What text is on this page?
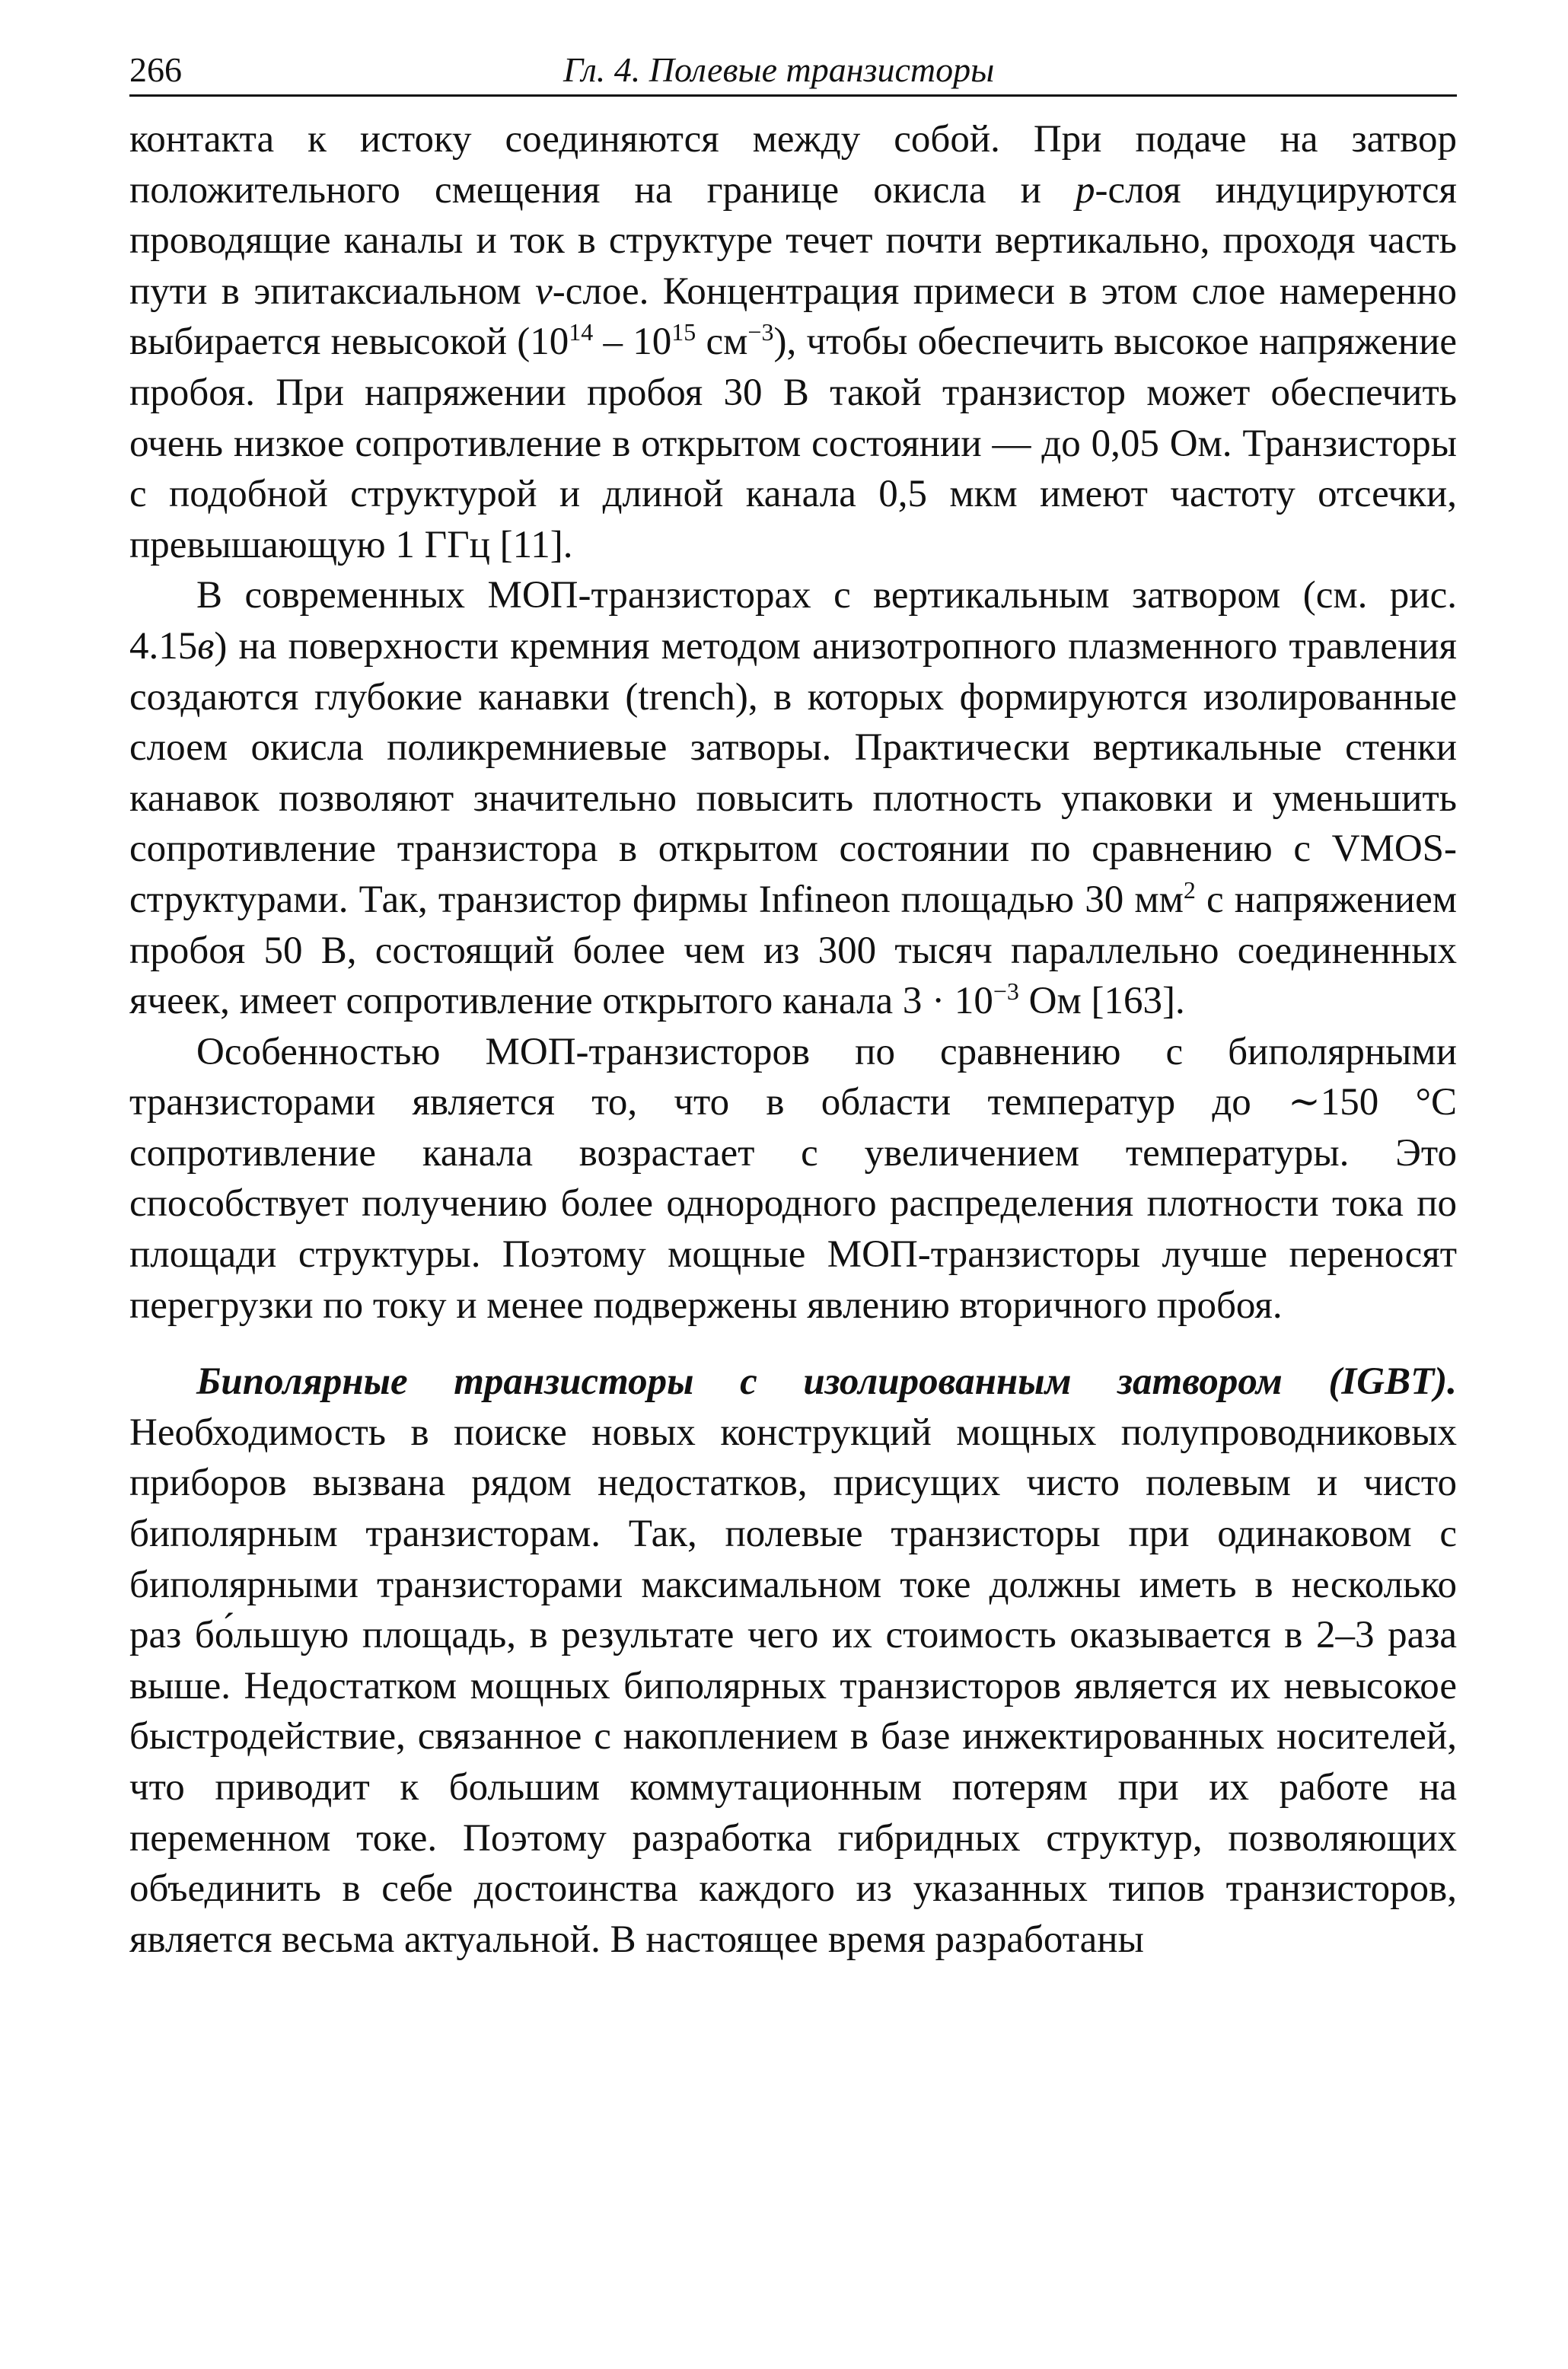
266	Гл. 4. Полевые транзисторы

контакта к истоку соединяются между собой. При подаче на затвор положительного смещения на границе окисла и p-слоя индуцируются проводящие каналы и ток в структуре течет почти вертикально, проходя часть пути в эпитаксиальном ν-слое. Концентрация примеси в этом слое намеренно выбирается невысокой ($10^{14} - 10^{15}$ $см^{-3}$), чтобы обеспечить высокое напряжение пробоя. При напряжении пробоя 30 В такой транзистор может обеспечить очень низкое сопротивление в открытом состоянии — до 0,05 Ом. Транзисторы с подобной структурой и длиной канала 0,5 мкм имеют частоту отсечки, превышающую 1 ГГц [11].

В современных МОП-транзисторах с вертикальным затвором (см. рис. 4.15в) на поверхности кремния методом анизотропного плазменного травления создаются глубокие канавки (trench), в которых формируются изолированные слоем окисла поликремниевые затворы. Практически вертикальные стенки канавок позволяют значительно повысить плотность упаковки и уменьшить сопротивление транзистора в открытом состоянии по сравнению с VMOS-структурами. Так, транзистор фирмы Infineon площадью 30 $мм^2$ с напряжением пробоя 50 В, состоящий более чем из 300 тысяч параллельно соединенных ячеек, имеет сопротивление открытого канала $3 \cdot 10^{-3}$ Ом [163].

Особенностью МОП-транзисторов по сравнению с биполярными транзисторами является то, что в области температур до ∼150 °С сопротивление канала возрастает с увеличением температуры. Это способствует получению более однородного распределения плотности тока по площади структуры. Поэтому мощные МОП-транзисторы лучше переносят перегрузки по току и менее подвержены явлению вторичного пробоя.

Биполярные транзисторы с изолированным затвором (IGBT). Необходимость в поиске новых конструкций мощных полупроводниковых приборов вызвана рядом недостатков, присущих чисто полевым и чисто биполярным транзисторам. Так, полевые транзисторы при одинаковом с биполярными транзисторами максимальном токе должны иметь в несколько раз бо́льшую площадь, в результате чего их стоимость оказывается в 2–3 раза выше. Недостатком мощных биполярных транзисторов является их невысокое быстродействие, связанное с накоплением в базе инжектированных носителей, что приводит к большим коммутационным потерям при их работе на переменном токе. Поэтому разработка гибридных структур, позволяющих объединить в себе достоинства каждого из указанных типов транзисторов, является весьма актуальной. В настоящее время разработаны
